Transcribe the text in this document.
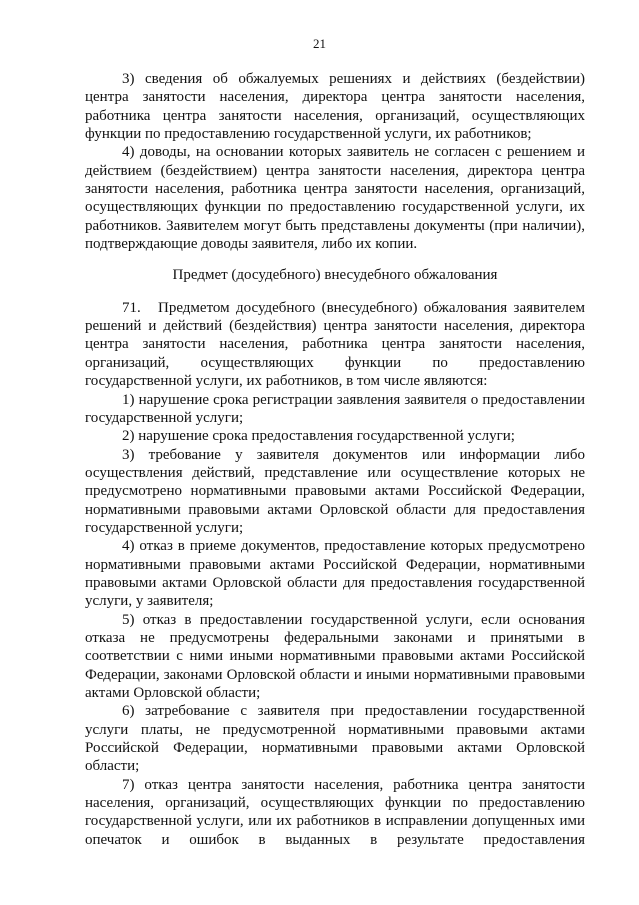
21

3) сведения об обжалуемых решениях и действиях (бездействии) центра занятости населения, директора центра занятости населения, работника центра занятости населения, организаций, осуществляющих функции по предоставлению государственной услуги, их работников;

4) доводы, на основании которых заявитель не согласен с решением и действием (бездействием) центра занятости населения, директора центра занятости населения, работника центра занятости населения, организаций, осуществляющих функции по предоставлению государственной услуги, их работников. Заявителем могут быть представлены документы (при наличии), подтверждающие доводы заявителя, либо их копии.

Предмет (досудебного) внесудебного обжалования

71. Предметом досудебного (внесудебного) обжалования заявителем решений и действий (бездействия) центра занятости населения, директора центра занятости населения, работника центра занятости населения, организаций, осуществляющих функции по предоставлению государственной услуги, их работников, в том числе являются:

1) нарушение срока регистрации заявления заявителя о предоставлении государственной услуги;

2) нарушение срока предоставления государственной услуги;

3) требование у заявителя документов или информации либо осуществления действий, представление или осуществление которых не предусмотрено нормативными правовыми актами Российской Федерации, нормативными правовыми актами Орловской области для предоставления государственной услуги;

4) отказ в приеме документов, предоставление которых предусмотрено нормативными правовыми актами Российской Федерации, нормативными правовыми актами Орловской области для предоставления государственной услуги, у заявителя;

5) отказ в предоставлении государственной услуги, если основания отказа не предусмотрены федеральными законами и принятыми в соответствии с ними иными нормативными правовыми актами Российской Федерации, законами Орловской области и иными нормативными правовыми актами Орловской области;

6) затребование с заявителя при предоставлении государственной услуги платы, не предусмотренной нормативными правовыми актами Российской Федерации, нормативными правовыми актами Орловской области;

7) отказ центра занятости населения, работника центра занятости населения, организаций, осуществляющих функции по предоставлению государственной услуги, или их работников в исправлении допущенных ими опечаток и ошибок в выданных в результате предоставления
